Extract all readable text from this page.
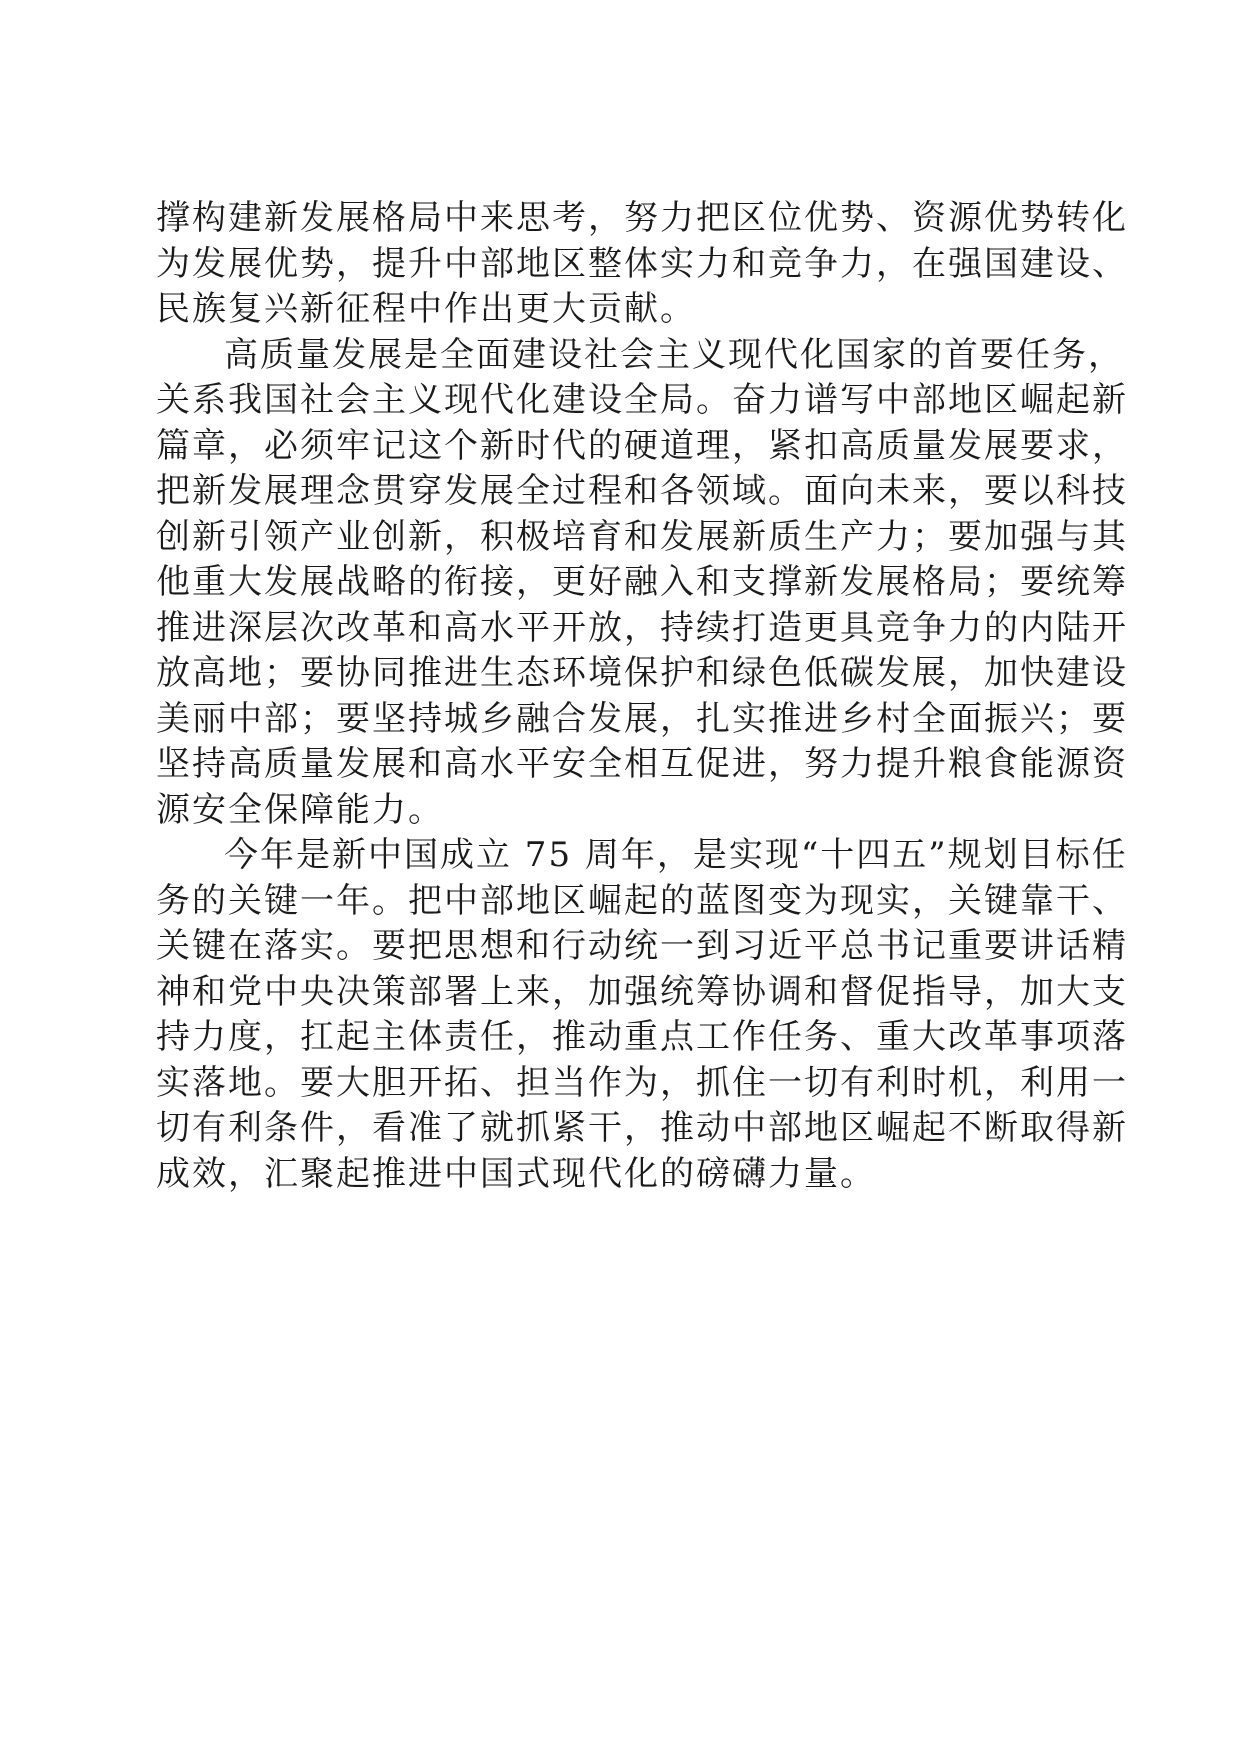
撑构建新发展格局中来思考，努力把区位优势、资源优势转化
为发展优势，提升中部地区整体实力和竞争力，在强国建设、
民族复兴新征程中作出更大贡献。
高质量发展是全面建设社会主义现代化国家的首要任务，
关系我国社会主义现代化建设全局。奋力谱写中部地区崛起新
篇章，必须牢记这个新时代的硬道理，紧扣高质量发展要求，
把新发展理念贯穿发展全过程和各领域。面向未来，要以科技
创新引领产业创新，积极培育和发展新质生产力；要加强与其
他重大发展战略的衔接，更好融入和支撑新发展格局；要统筹
推进深层次改革和高水平开放，持续打造更具竞争力的内陆开
放高地；要协同推进生态环境保护和绿色低碳发展，加快建设
美丽中部；要坚持城乡融合发展，扎实推进乡村全面振兴；要
坚持高质量发展和高水平安全相互促进，努力提升粮食能源资
源安全保障能力。
今年是新中国成立 75 周年，是实现“十四五”规划目标任
务的关键一年。把中部地区崛起的蓝图变为现实，关键靠干、
关键在落实。要把思想和行动统一到习近平总书记重要讲话精
神和党中央决策部署上来，加强统筹协调和督促指导，加大支
持力度，扛起主体责任，推动重点工作任务、重大改革事项落
实落地。要大胆开拓、担当作为，抓住一切有利时机，利用一
切有利条件，看准了就抓紧干，推动中部地区崛起不断取得新
成效，汇聚起推进中国式现代化的磅礴力量。
